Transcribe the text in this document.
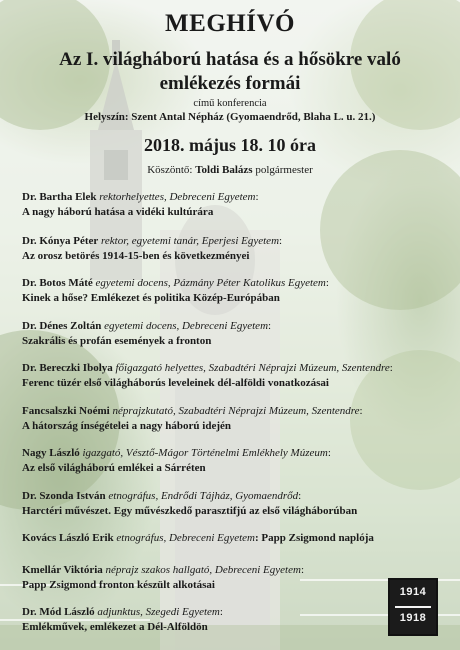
MEGHÍVÓ
Az I. világháború hatása és a hősökre való emlékezés formái
című konferencia
Helyszín: Szent Antal Népház (Gyomaendrőd, Blaha L. u. 21.)
2018. május 18. 10 óra
Köszöntő: Toldi Balázs polgármester
Dr. Bartha Elek rektorhelyettes, Debreceni Egyetem:
A nagy háború hatása a vidéki kultúrára
Dr. Kónya Péter rektor, egyetemi tanár, Eperjesi Egyetem:
Az orosz betörés 1914-15-ben és következményei
Dr. Botos Máté egyetemi docens, Pázmány Péter Katolikus Egyetem:
Kinek a hőse? Emlékezet és politika Közép-Európában
Dr. Dénes Zoltán egyetemi docens, Debreceni Egyetem:
Szakrális és profán események a fronton
Dr. Bereczki Ibolya főigazgató helyettes, Szabadtéri Néprajzi Múzeum, Szentendre:
Ferenc tüzér első világháborús leveleinek dél-alföldi vonatkozásai
Fancsalszki Noémi néprajzkutató, Szabadtéri Néprajzi Múzeum, Szentendre:
A hátország ínségételei a nagy háború idején
Nagy László igazgató, Vésztő-Mágor Történelmi Emlékhely Múzeum:
Az első világháború emlékei a Sárréten
Dr. Szonda István etnográfus, Endrődi Tájház, Gyomaendrőd:
Harctéri művészet. Egy művészkedő parasztifjú az első világháborúban
Kovács László Erik etnográfus, Debreceni Egyetem: Papp Zsigmond naplója
Kmellár Viktória néprajz szakos hallgató, Debreceni Egyetem:
Papp Zsigmond fronton készült alkotásai
Dr. Mód László adjunktus, Szegedi Egyetem:
Emlékművek, emlékezet a Dél-Alföldön
1914
1918
